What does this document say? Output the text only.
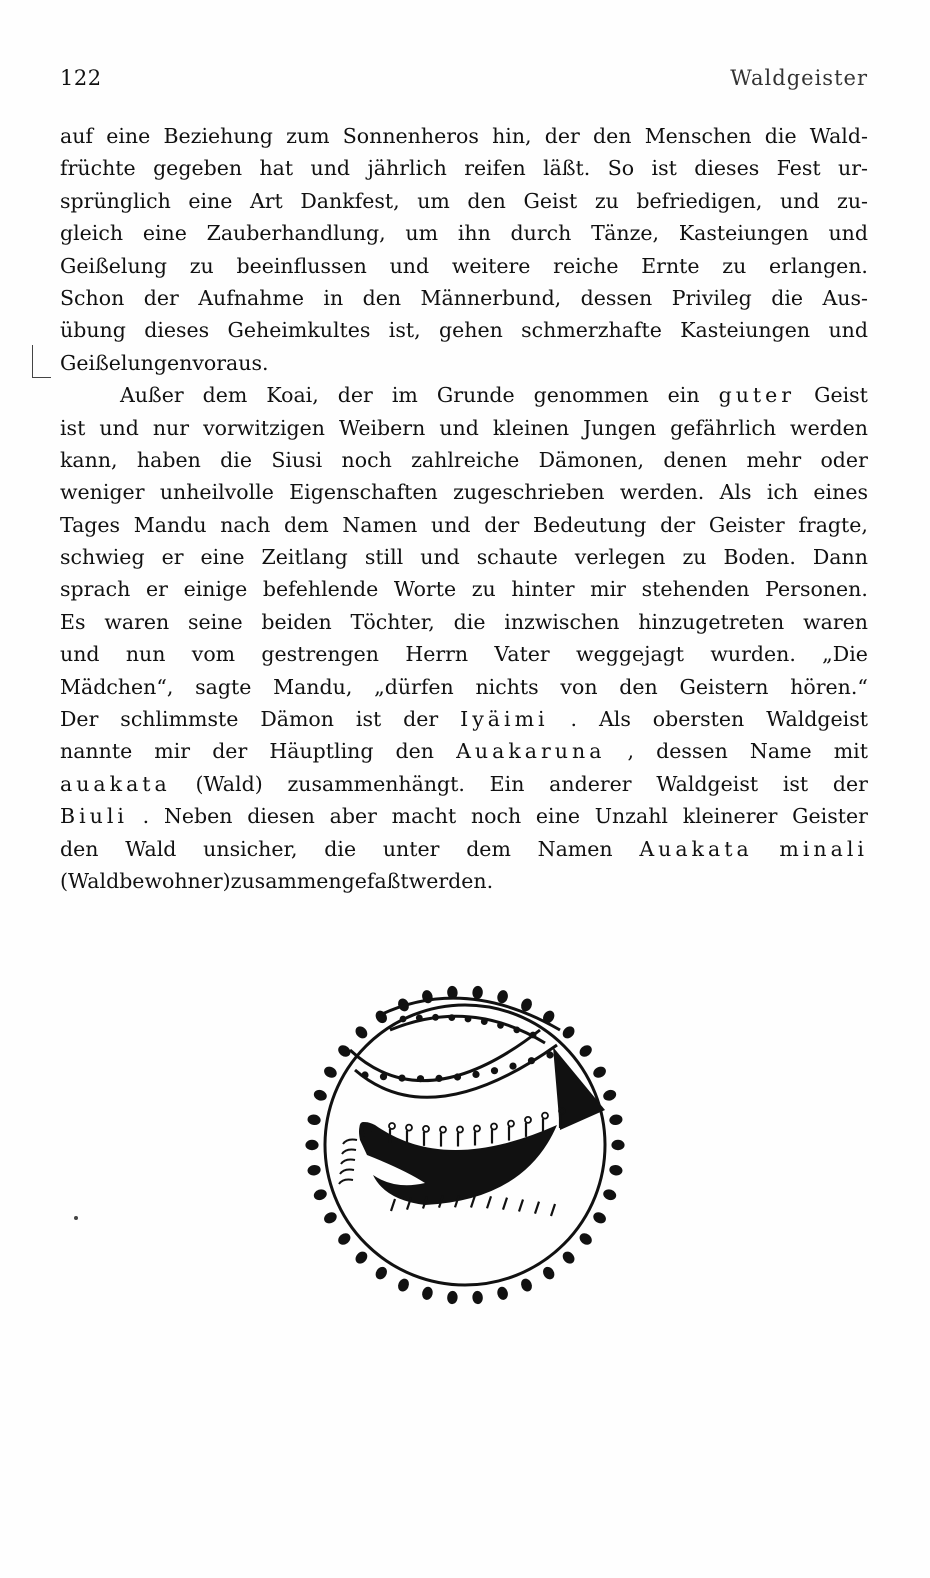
122	Waldgeister
auf eine Beziehung zum Sonnenheros hin, der den Menschen die Wald-
früchte gegeben hat und jährlich reifen läßt. So ist dieses Fest ur-
sprünglich eine Art Dankfest, um den Geist zu befriedigen, und zu-
gleich eine Zauberhandlung, um ihn durch Tänze, Kasteiungen und
Geißelung zu beeinflussen und weitere reiche Ernte zu erlangen.
Schon der Aufnahme in den Männerbund, dessen Privileg die Aus-
übung dieses Geheimkultes ist, gehen schmerzhafte Kasteiungen und
Geißelungen voraus.
Außer dem Koai, der im Grunde genommen ein guter Geist
ist und nur vorwitzigen Weibern und kleinen Jungen gefährlich werden
kann, haben die Siusi noch zahlreiche Dämonen, denen mehr oder
weniger unheilvolle Eigenschaften zugeschrieben werden. Als ich eines
Tages Mandu nach dem Namen und der Bedeutung der Geister fragte,
schwieg er eine Zeitlang still und schaute verlegen zu Boden. Dann
sprach er einige befehlende Worte zu hinter mir stehenden Personen.
Es waren seine beiden Töchter, die inzwischen hinzugetreten waren
und nun vom gestrengen Herrn Vater weggejagt wurden. „Die
Mädchen“, sagte Mandu, „dürfen nichts von den Geistern hören.“
Der schlimmste Dämon ist der Iyäimi . Als obersten Waldgeist
nannte mir der Häuptling den Auakaruna , dessen Name mit
auakata (Wald) zusammenhängt. Ein anderer Waldgeist ist der
Biuli . Neben diesen aber macht noch eine Unzahl kleinerer Geister
den Wald unsicher, die unter dem Namen Auakata minali
(Waldbewohner) zusammengefaßt werden.
